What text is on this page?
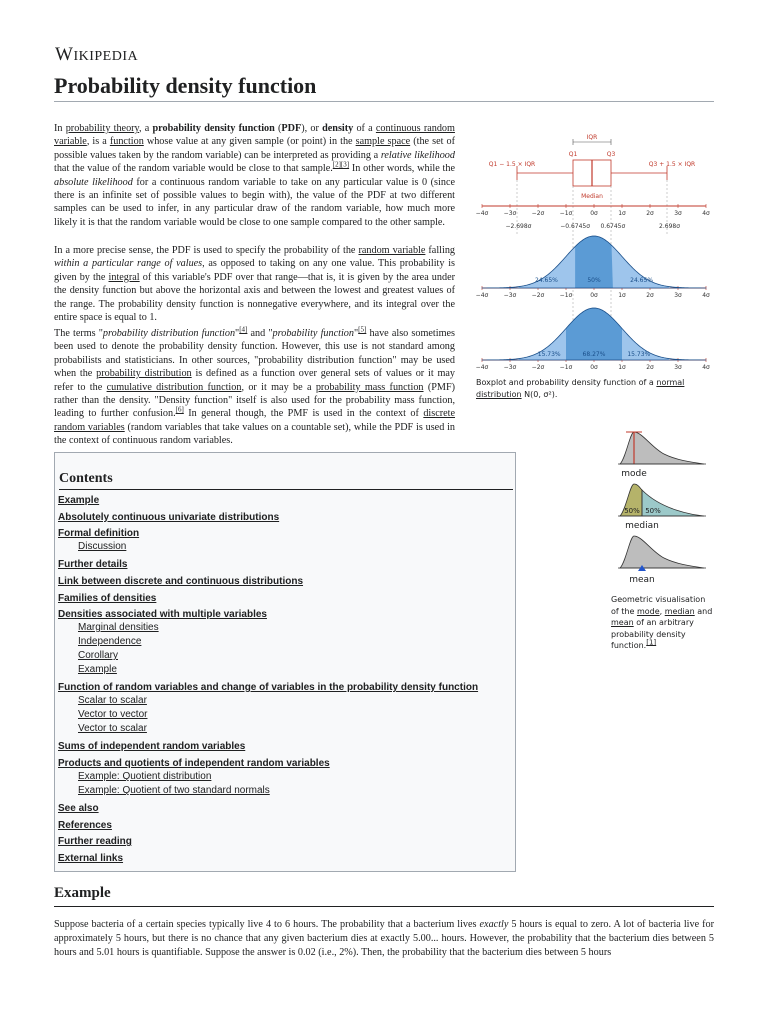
WIKIPEDIA
Probability density function

In probability theory, a probability density function (PDF), or density of a continuous random variable, is a function whose value at any given sample (or point) in the sample space (the set of possible values taken by the random variable) can be interpreted as providing a relative likelihood that the value of the random variable would be close to that sample.[2][3] In other words, while the absolute likelihood for a continuous random variable to take on any particular value is 0 (since there is an infinite set of possible values to begin with), the value of the PDF at two different samples can be used to infer, in any particular draw of the random variable, how much more likely it is that the random variable would be close to one sample compared to the other sample.

In a more precise sense, the PDF is used to specify the probability of the random variable falling within a particular range of values, as opposed to taking on any one value. This probability is given by the integral of this variable's PDF over that range—that is, it is given by the area under the density function but above the horizontal axis and between the lowest and greatest values of the range. The probability density function is nonnegative everywhere, and its integral over the entire space is equal to 1.

The terms "probability distribution function"[4] and "probability function"[5] have also sometimes been used to denote the probability density function. However, this use is not standard among probabilists and statisticians. In other sources, "probability distribution function" may be used when the probability distribution is defined as a function over general sets of values or it may refer to the cumulative distribution function, or it may be a probability mass function (PMF) rather than the density. "Density function" itself is also used for the probability mass function, leading to further confusion.[6] In general though, the PMF is used in the context of discrete random variables (random variables that take values on a countable set), while the PDF is used in the context of continuous random variables.

IQR
Q1	Q3
Q1 − 1.5 × IQR	Q3 + 1.5 × IQR
Median
−4σ	−3σ	−2σ	−1σ	0σ	1σ	2σ	3σ	4σ
−4σ	−3σ	−2σ	−1σ	0σ	1σ	2σ	3σ	4σ
−4σ	−3σ	−2σ	−1σ	0σ	1σ	2σ	3σ	4σ
−2.698σ	−0.6745σ 0.6745σ	2.698σ
24.65%	50%	24.65%
15.73%	68.27%	15.73%
Boxplot and probability density function of a normal distribution N(0, σ²).
mode
50% 50%
median
mean
Geometric visualisation of the mode, median and mean of an arbitrary probability density function.[1]
Contents
Example
Absolutely continuous univariate distributions
Formal definition
Discussion
Further details
Link between discrete and continuous distributions
Families of densities
Densities associated with multiple variables
Marginal densities
Independence
Corollary
Example
Function of random variables and change of variables in the probability density function
Scalar to scalar
Vector to vector
Vector to scalar
Sums of independent random variables
Products and quotients of independent random variables
Example: Quotient distribution
Example: Quotient of two standard normals
See also
References
Further reading
External links
Example

Suppose bacteria of a certain species typically live 4 to 6 hours. The probability that a bacterium lives exactly 5 hours is equal to zero. A lot of bacteria live for approximately 5 hours, but there is no chance that any given bacterium dies at exactly 5.00... hours. However, the probability that the bacterium dies between 5 hours and 5.01 hours is quantifiable. Suppose the answer is 0.02 (i.e., 2%). Then, the probability that the bacterium dies between 5 hours
